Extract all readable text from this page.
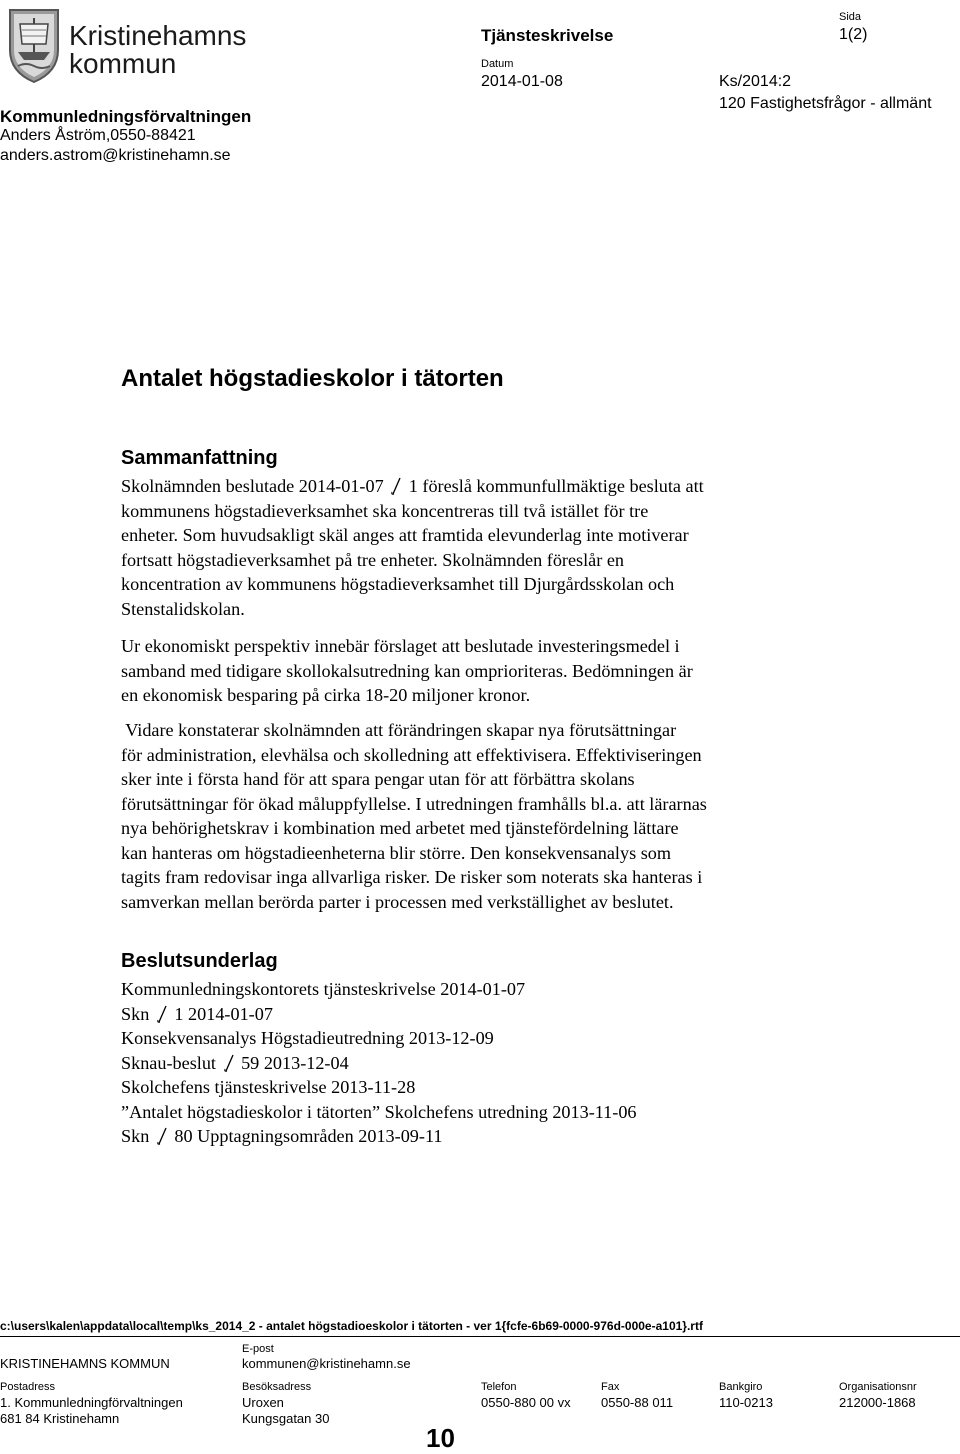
Kristinehamns
kommun
Kommunledningsförvaltningen
Anders Åström,0550-88421
anders.astrom@kristinehamn.se
Tjänsteskrivelse
Datum
2014-01-08
Sida
1(2)
Ks/2014:2
120 Fastighetsfrågor - allmänt
Antalet högstadieskolor i tätorten
Sammanfattning
Skolnämnden beslutade 2014-01-07 1 föreslå kommunfullmäktige besluta att
kommunens högstadieverksamhet ska koncentreras till två istället för tre
enheter. Som huvudsakligt skäl anges att framtida elevunderlag inte motiverar
fortsatt högstadieverksamhet på tre enheter. Skolnämnden föreslår en
koncentration av kommunens högstadieverksamhet till Djurgårdsskolan och
Stenstalidskolan.
Ur ekonomiskt perspektiv innebär förslaget att beslutade investeringsmedel i
samband med tidigare skollokalsutredning kan omprioriteras. Bedömningen är
en ekonomisk besparing på cirka 18-20 miljoner kronor.
Vidare konstaterar skolnämnden att förändringen skapar nya förutsättningar
för administration, elevhälsa och skolledning att effektivisera. Effektiviseringen
sker inte i första hand för att spara pengar utan för att förbättra skolans
förutsättningar för ökad måluppfyllelse. I utredningen framhålls bl.a. att lärarnas
nya behörighetskrav i kombination med arbetet med tjänstefördelning lättare
kan hanteras om högstadieenheterna blir större. Den konsekvensanalys som
tagits fram redovisar inga allvarliga risker. De risker som noterats ska hanteras i
samverkan mellan berörda parter i processen med verkställighet av beslutet.
Beslutsunderlag
Kommunledningskontorets tjänsteskrivelse 2014-01-07
Skn 1 2014-01-07
Konsekvensanalys Högstadieutredning 2013-12-09
Sknau-beslut 59 2013-12-04
Skolchefens tjänsteskrivelse 2013-11-28
”Antalet högstadieskolor i tätorten” Skolchefens utredning 2013-11-06
Skn 80 Upptagningsområden 2013-09-11
c:\users\kalen\appdata\local\temp\ks_2014_2 - antalet högstadioeskolor i tätorten - ver 1{fcfe-6b69-0000-976d-000e-a101}.rtf
KRISTINEHAMNS KOMMUN
E-post
kommunen@kristinehamn.se
Postadress
1. Kommunledningförvaltningen
681 84 Kristinehamn
Besöksadress
Uroxen
Kungsgatan 30
Telefon
0550-880 00 vx
Fax
0550-88 011
Bankgiro
110-0213
Organisationsnr
212000-1868
10
